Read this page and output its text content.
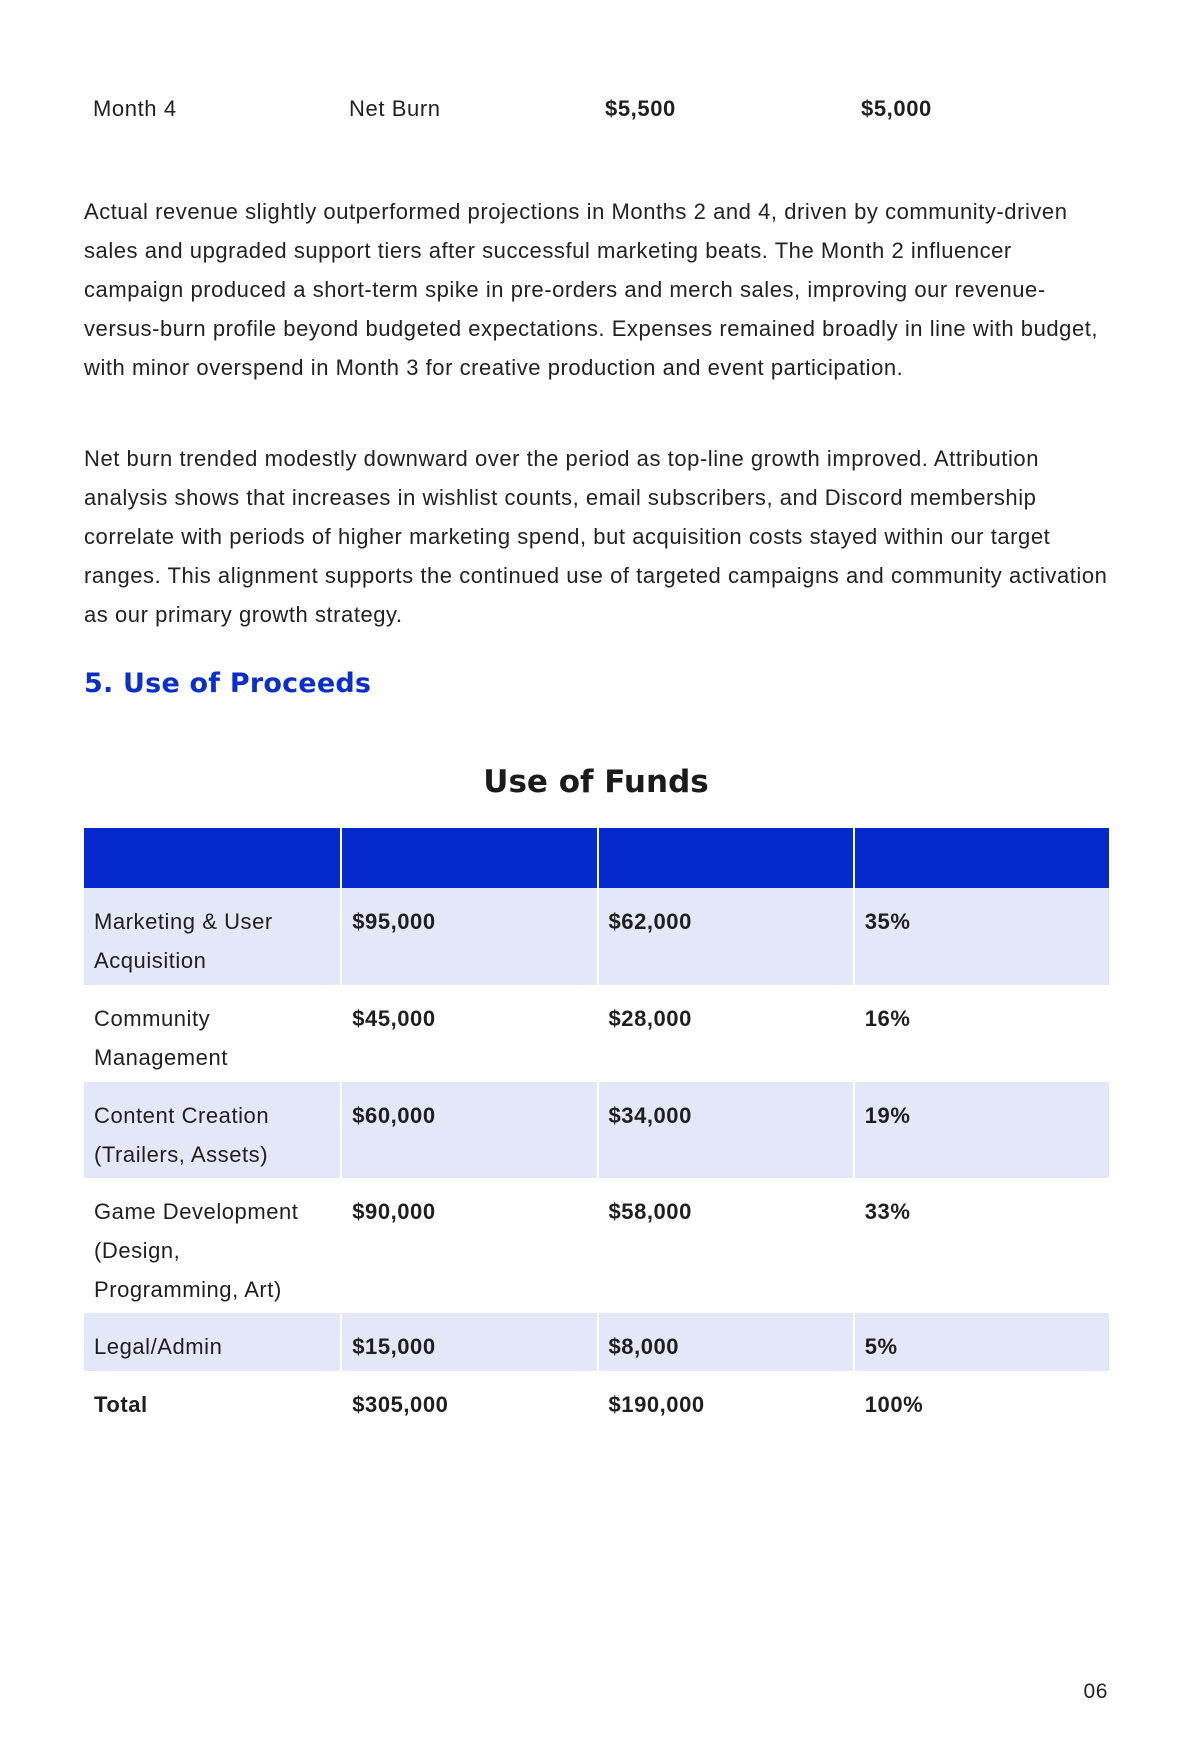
Month 4	Net Burn	$5,500	$5,000

Actual revenue slightly outperformed projections in Months 2 and 4, driven by community-driven sales and upgraded support tiers after successful marketing beats. The Month 2 influencer campaign produced a short-term spike in pre-orders and merch sales, improving our revenue-versus-burn profile beyond budgeted expectations. Expenses remained broadly in line with budget, with minor overspend in Month 3 for creative production and event participation.

Net burn trended modestly downward over the period as top-line growth improved. Attribution analysis shows that increases in wishlist counts, email subscribers, and Discord membership correlate with periods of higher marketing spend, but acquisition costs stayed within our target ranges. This alignment supports the continued use of targeted campaigns and community activation as our primary growth strategy.

5. Use of Proceeds
Use of Funds

Marketing & User Acquisition	$95,000	$62,000	35%
Community Management	$45,000	$28,000	16%
Content Creation (Trailers, Assets)	$60,000	$34,000	19%
Game Development (Design, Programming, Art)	$90,000	$58,000	33%
Legal/Admin	$15,000	$8,000	5%
Total	$305,000	$190,000	100%
06
